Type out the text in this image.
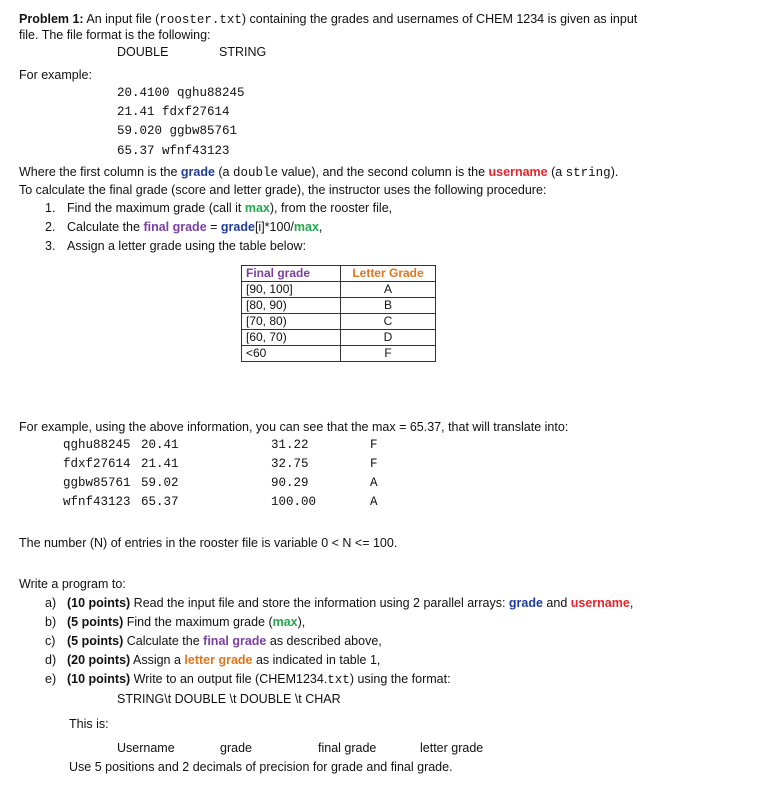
Problem 1: An input file (rooster.txt) containing the grades and usernames of CHEM 1234 is given as input
file. The file format is the following:
DOUBLE	STRING
For example:
20.4100 qghu88245
21.41 fdxf27614
59.020 ggbw85761
65.37 wfnf43123
Where the first column is the grade (a double value), and the second column is the username (a string).
To calculate the final grade (score and letter grade), the instructor uses the following procedure:
1. Find the maximum grade (call it max), from the rooster file,
2. Calculate the final grade = grade[i]*100/max,
3. Assign a letter grade using the table below:
Final grade	Letter Grade
[90, 100]	A
[80, 90)	B
[70, 80)	C
[60, 70)	D
<60	F
For example, using the above information, you can see that the max = 65.37, that will translate into:
qghu88245 20.41	31.22	F
fdxf27614 21.41	32.75	F
ggbw85761 59.02	90.29	A
wfnf43123 65.37	100.00	A
The number (N) of entries in the rooster file is variable 0 < N <= 100.
Write a program to:
a) (10 points) Read the input file and store the information using 2 parallel arrays: grade and username,
b) (5 points) Find the maximum grade (max),
c) (5 points) Calculate the final grade as described above,
d) (20 points) Assign a letter grade as indicated in table 1,
e) (10 points) Write to an output file (CHEM1234.txt) using the format:
STRING\t DOUBLE \t DOUBLE \t CHAR
This is:
Username	grade	final grade	letter grade
Use 5 positions and 2 decimals of precision for grade and final grade.
